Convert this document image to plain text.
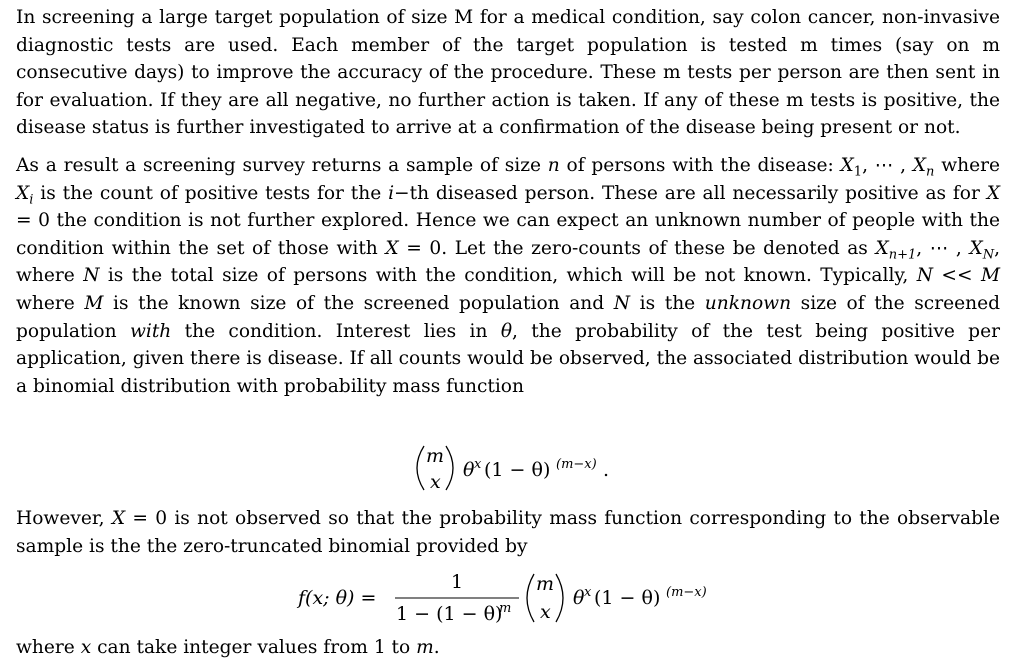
In screening a large target population of size M for a medical condition, say colon cancer, non-invasive diagnostic tests are used. Each member of the target population is tested m times (say on m consecutive days) to improve the accuracy of the procedure. These m tests per person are then sent in for evaluation. If they are all negative, no further action is taken. If any of these m tests is positive, the disease status is further investigated to arrive at a confirmation of the disease being present or not.

As a result a screening survey returns a sample of size n of persons with the disease: $X_1$, ⋯ , $X_n$ where $X_i$ is the count of positive tests for the i−th diseased person. These are all necessarily positive as for X = 0 the condition is not further explored. Hence we can expect an unknown number of people with the condition within the set of those with X = 0. Let the zero-counts of these be denoted as $X_{n+1}$, ⋯ , $X_N$, where N is the total size of persons with the condition, which will be not known. Typically, N << M where M is the known size of the screened population and N is the unknown size of the screened population with the condition. Interest lies in θ, the probability of the test being positive per application, given there is disease. If all counts would be observed, the associated distribution would be a binomial distribution with probability mass function

m
x
θ x (1 − θ) (m−x) .

However, X = 0 is not observed so that the probability mass function corresponding to the observable sample is the the zero-truncated binomial provided by

f(x; θ) =
1
1 − (1 − θ)
m
m
x
θ x (1 − θ) (m−x)

where x can take integer values from 1 to m.
